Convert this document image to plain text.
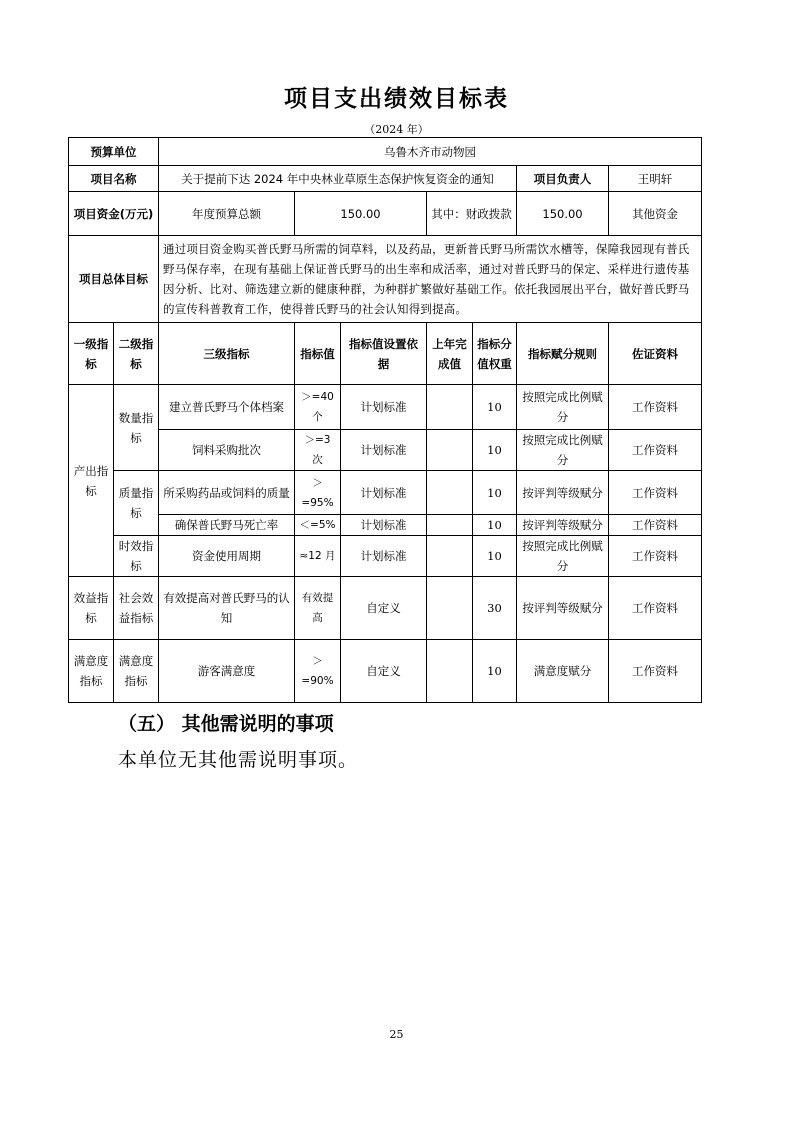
项目支出绩效目标表
（2024 年）
预算单位		乌鲁木齐市动物园						
项目名称		关于提前下达 2024 年中央林业草原生态保护恢复资金的通知					项目负责人	王明轩
项目资金(万元)		年度预算总额	150.00		其中：财政拨款		150.00	其他资金
项目总体目标		通过项目资金购买普氏野马所需的饲草料，以及药品，更新普氏野马所需饮水槽等，保障我园现有普氏野马保存率，在现有基础上保证普氏野马的出生率和成活率，通过对普氏野马的保定、采样进行遗传基因分析、比对、筛选建立新的健康种群，为种群扩繁做好基础工作。依托我园展出平台，做好普氏野马的宣传科普教育工作，使得普氏野马的社会认知得到提高。						
一级指标	二级指标	三级指标	指标值	指标值设置依据	上年完成值	指标分值权重	指标赋分规则	佐证资料
产出指标	数量指标	建立普氏野马个体档案	＞=40 个	计划标准		10	按照完成比例赋分	工作资料
		饲料采购批次	＞=3 次	计划标准		10	按照完成比例赋分	工作资料
	质量指标	所采购药品或饲料的质量	＞ =95%	计划标准		10	按评判等级赋分	工作资料
		确保普氏野马死亡率	＜=5%	计划标准		10	按评判等级赋分	工作资料
	时效指标	资金使用周期	≈12 月	计划标准		10	按照完成比例赋分	工作资料
效益指标	社会效益指标	有效提高对普氏野马的认知	有效提高	自定义		30	按评判等级赋分	工作资料
满意度指标	满意度指标	游客满意度	＞ =90%	自定义		10	满意度赋分	工作资料
（五） 其他需说明的事项
本单位无其他需说明事项。
25
